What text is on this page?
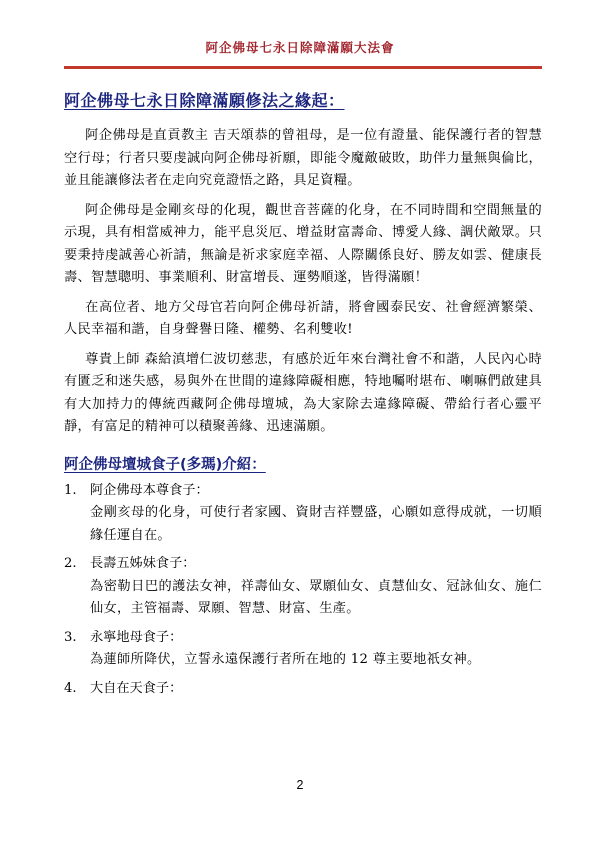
阿企佛母七永日除障滿願大法會
阿企佛母七永日除障滿願修法之緣起：

阿企佛母是直貢教主 吉天頌恭的曾祖母，是一位有證量、能保護行者的智慧空行母；行者只要虔誠向阿企佛母祈願，即能令魔敵破敗，助伴力量無與倫比，並且能讓修法者在走向究竟證悟之路，具足資糧。

阿企佛母是金剛亥母的化現，觀世音菩薩的化身，在不同時間和空間無量的示現，具有相當威神力，能平息災厄、增益財富壽命、博愛人緣、調伏敵眾。只要秉持虔誠善心祈請，無論是祈求家庭幸福、人際關係良好、勝友如雲、健康長壽、智慧聰明、事業順利、財富增長、運勢順遂，皆得滿願！

在高位者、地方父母官若向阿企佛母祈請，將會國泰民安、社會經濟繁榮、人民幸福和諧，自身聲譽日隆、權勢、名利雙收!

尊貴上師 森給滇增仁波切慈悲，有感於近年來台灣社會不和諧，人民內心時有匱乏和迷失感，易與外在世間的違緣障礙相應，特地囑咐堪布、喇嘛們啟建具有大加持力的傳統西藏阿企佛母壇城，為大家除去違緣障礙、帶給行者心靈平靜，有富足的精神可以積聚善緣、迅速滿願。

阿企佛母壇城食子(多瑪)介紹：
1.	阿企佛母本尊食子：
金剛亥母的化身，可使行者家國、資財吉祥豐盛，心願如意得成就，一切順緣任運自在。
2.	長壽五姊妹食子：
為密勒日巴的護法女神，祥壽仙女、眾願仙女、貞慧仙女、冠詠仙女、施仁仙女，主管福壽、眾願、智慧、財富、生產。
3.	永寧地母食子：
為蓮師所降伏，立誓永遠保護行者所在地的 12 尊主要地祇女神。
4.	大自在天食子：
2
